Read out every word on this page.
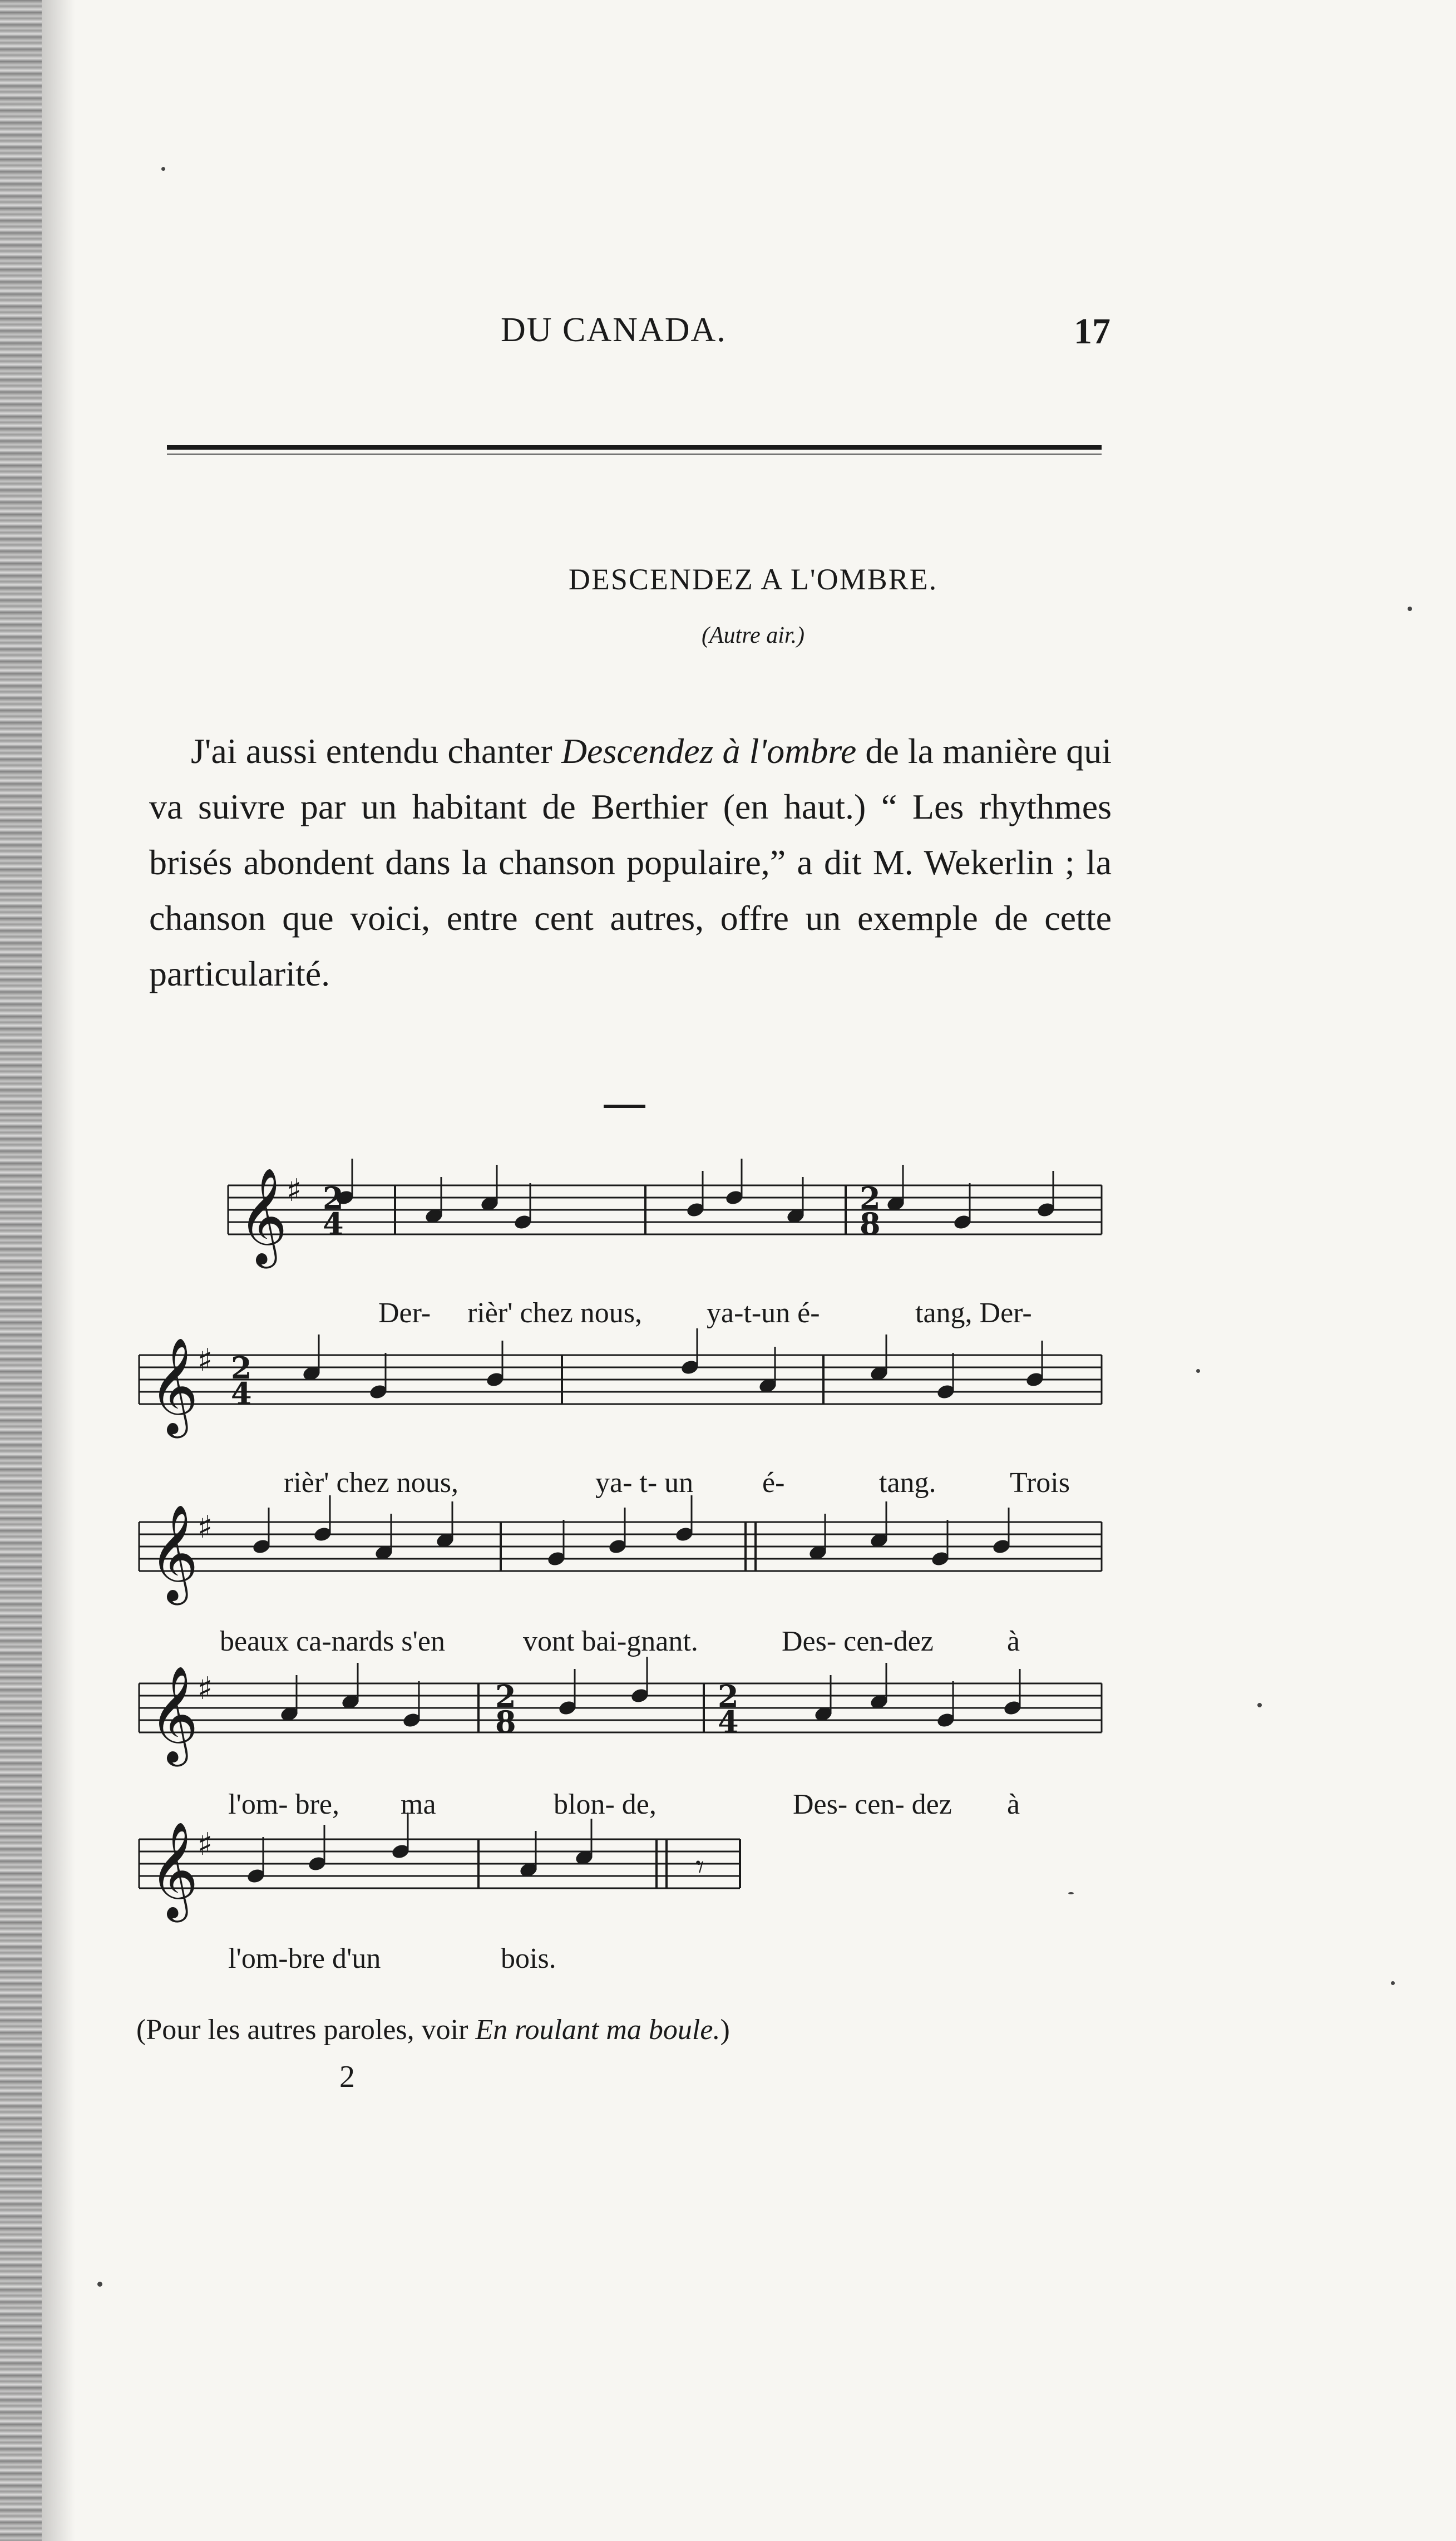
DU CANADA.	17
DESCENDEZ A L'OMBRE.
(Autre air.)

J'ai aussi entendu chanter Descendez à l'ombre de la manière qui va suivre par un habitant de Berthier (en haut.) “ Les rhythmes brisés abondent dans la chanson populaire,” a dit M. Wekerlin ; la chanson que voici, entre cent autres, offre un exemple de cette particularité.

𝄞
♯
𝄞
♯
𝄞
♯
𝄞
♯
𝄞
♯
2
4
2
4
2
8
2
8
2
4
𝄾
Der- rièr' chez nous, ya-t-un é-	tang, Der-
rièr' chez nous,	ya- t- un é-	tang.	Trois
beaux ca-nards s'en	vont bai-gnant.	Des- cen-dez	à
l'om- bre, ma	blon- de,	Des- cen- dez à
l'om-bre d'un	bois.
(Pour les autres paroles, voir En roulant ma boule.)
2
